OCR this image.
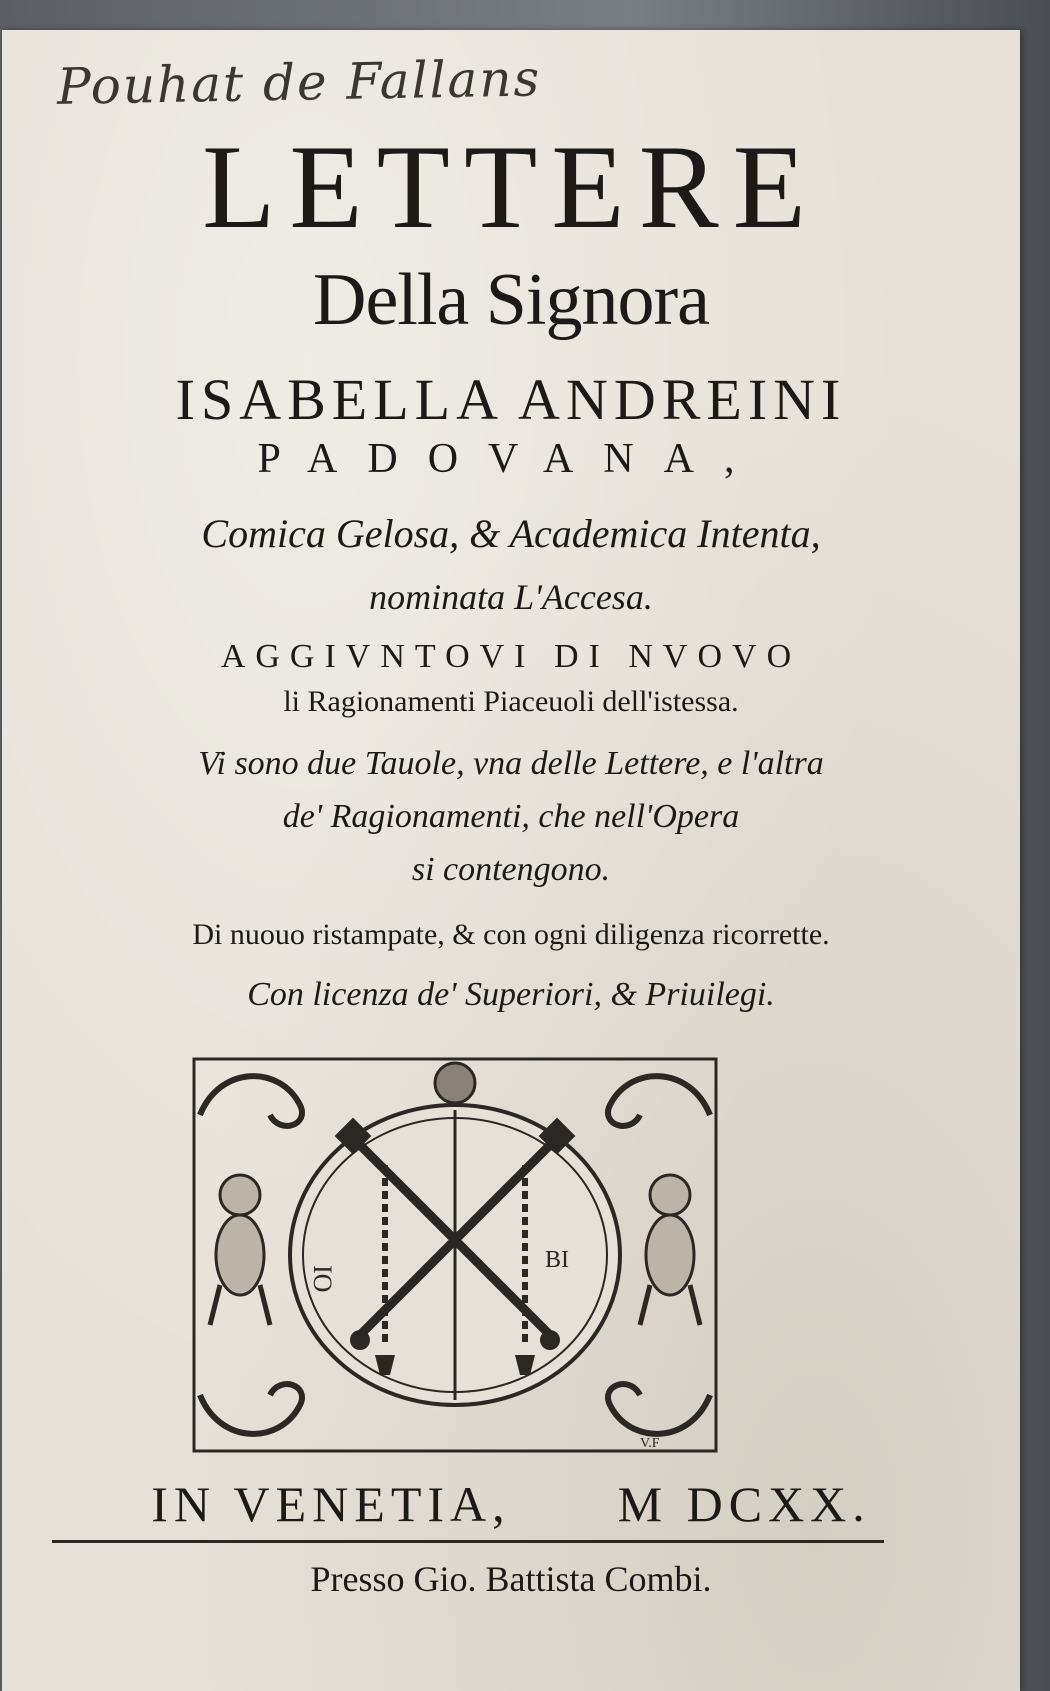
Pouhat de Fallans

LETTERE

Della Signora

ISABELLA ANDREINI

PADOVANA,

Comica Gelosa, & Academica Intenta,

nominata L'Accesa.

AGGIVNTOVI DI NVOVO

li Ragionamenti Piaceuoli dell'istessa.

Vi sono due Tauole, vna delle Lettere, e l'altra

de' Ragionamenti, che nell'Opera

si contengono.

Di nuouo ristampate, & con ogni diligenza ricorrette.

Con licenza de' Superiori, & Priuilegi.

IO
BI
V.F

IN VENETIA, M DCXX.

Presso Gio. Battista Combi.
